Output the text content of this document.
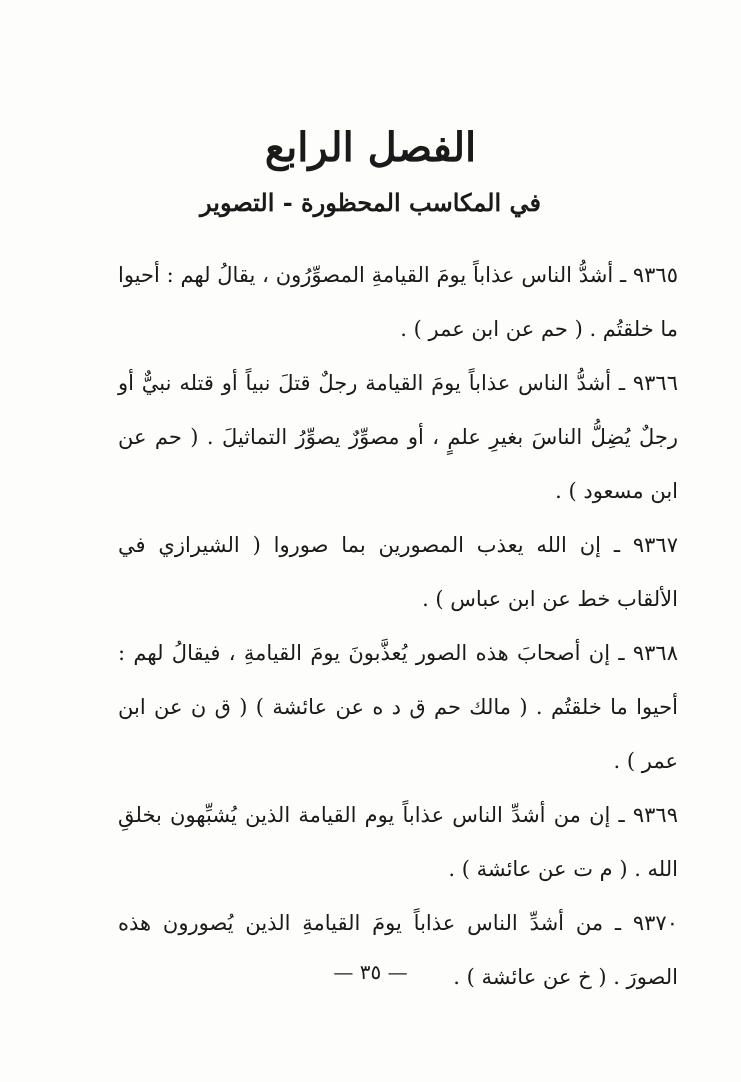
الفصل الرابع
في المكاسب المحظورة - التصوير

٩٣٦٥ ـ أشدُّ الناس عذاباً يومَ القيامةِ المصوِّرُون ، يقالُ لهم : أحيوا ما خلقتُم . ( حم عن ابن عمر ) .

٩٣٦٦ ـ أشدُّ الناس عذاباً يومَ القيامة رجلٌ قتلَ نبياً أو قتله نبيٌّ أو رجلٌ يُضِلُّ الناسَ بغيرِ علمٍ ، أو مصوِّرٌ يصوِّرُ التماثيلَ . ( حم عن ابن مسعود ) .

٩٣٦٧ ـ إن الله يعذب المصورين بما صوروا ( الشيرازي في الألقاب خط عن ابن عباس ) .

٩٣٦٨ ـ إن أصحابَ هذه الصور يُعذَّبونَ يومَ القيامةِ ، فيقالُ لهم : أحيوا ما خلقتُم . ( مالك حم ق د ه عن عائشة ) ( ق ن عن ابن عمر ) .

٩٣٦٩ ـ إن من أشدِّ الناس عذاباً يوم القيامة الذين يُشبِّهون بخلقِ الله . ( م ت عن عائشة ) .

٩٣٧٠ ـ من أشدِّ الناس عذاباً يومَ القيامةِ الذين يُصورون هذه الصورَ . ( خ عن عائشة ) .

— ٣٥ —
